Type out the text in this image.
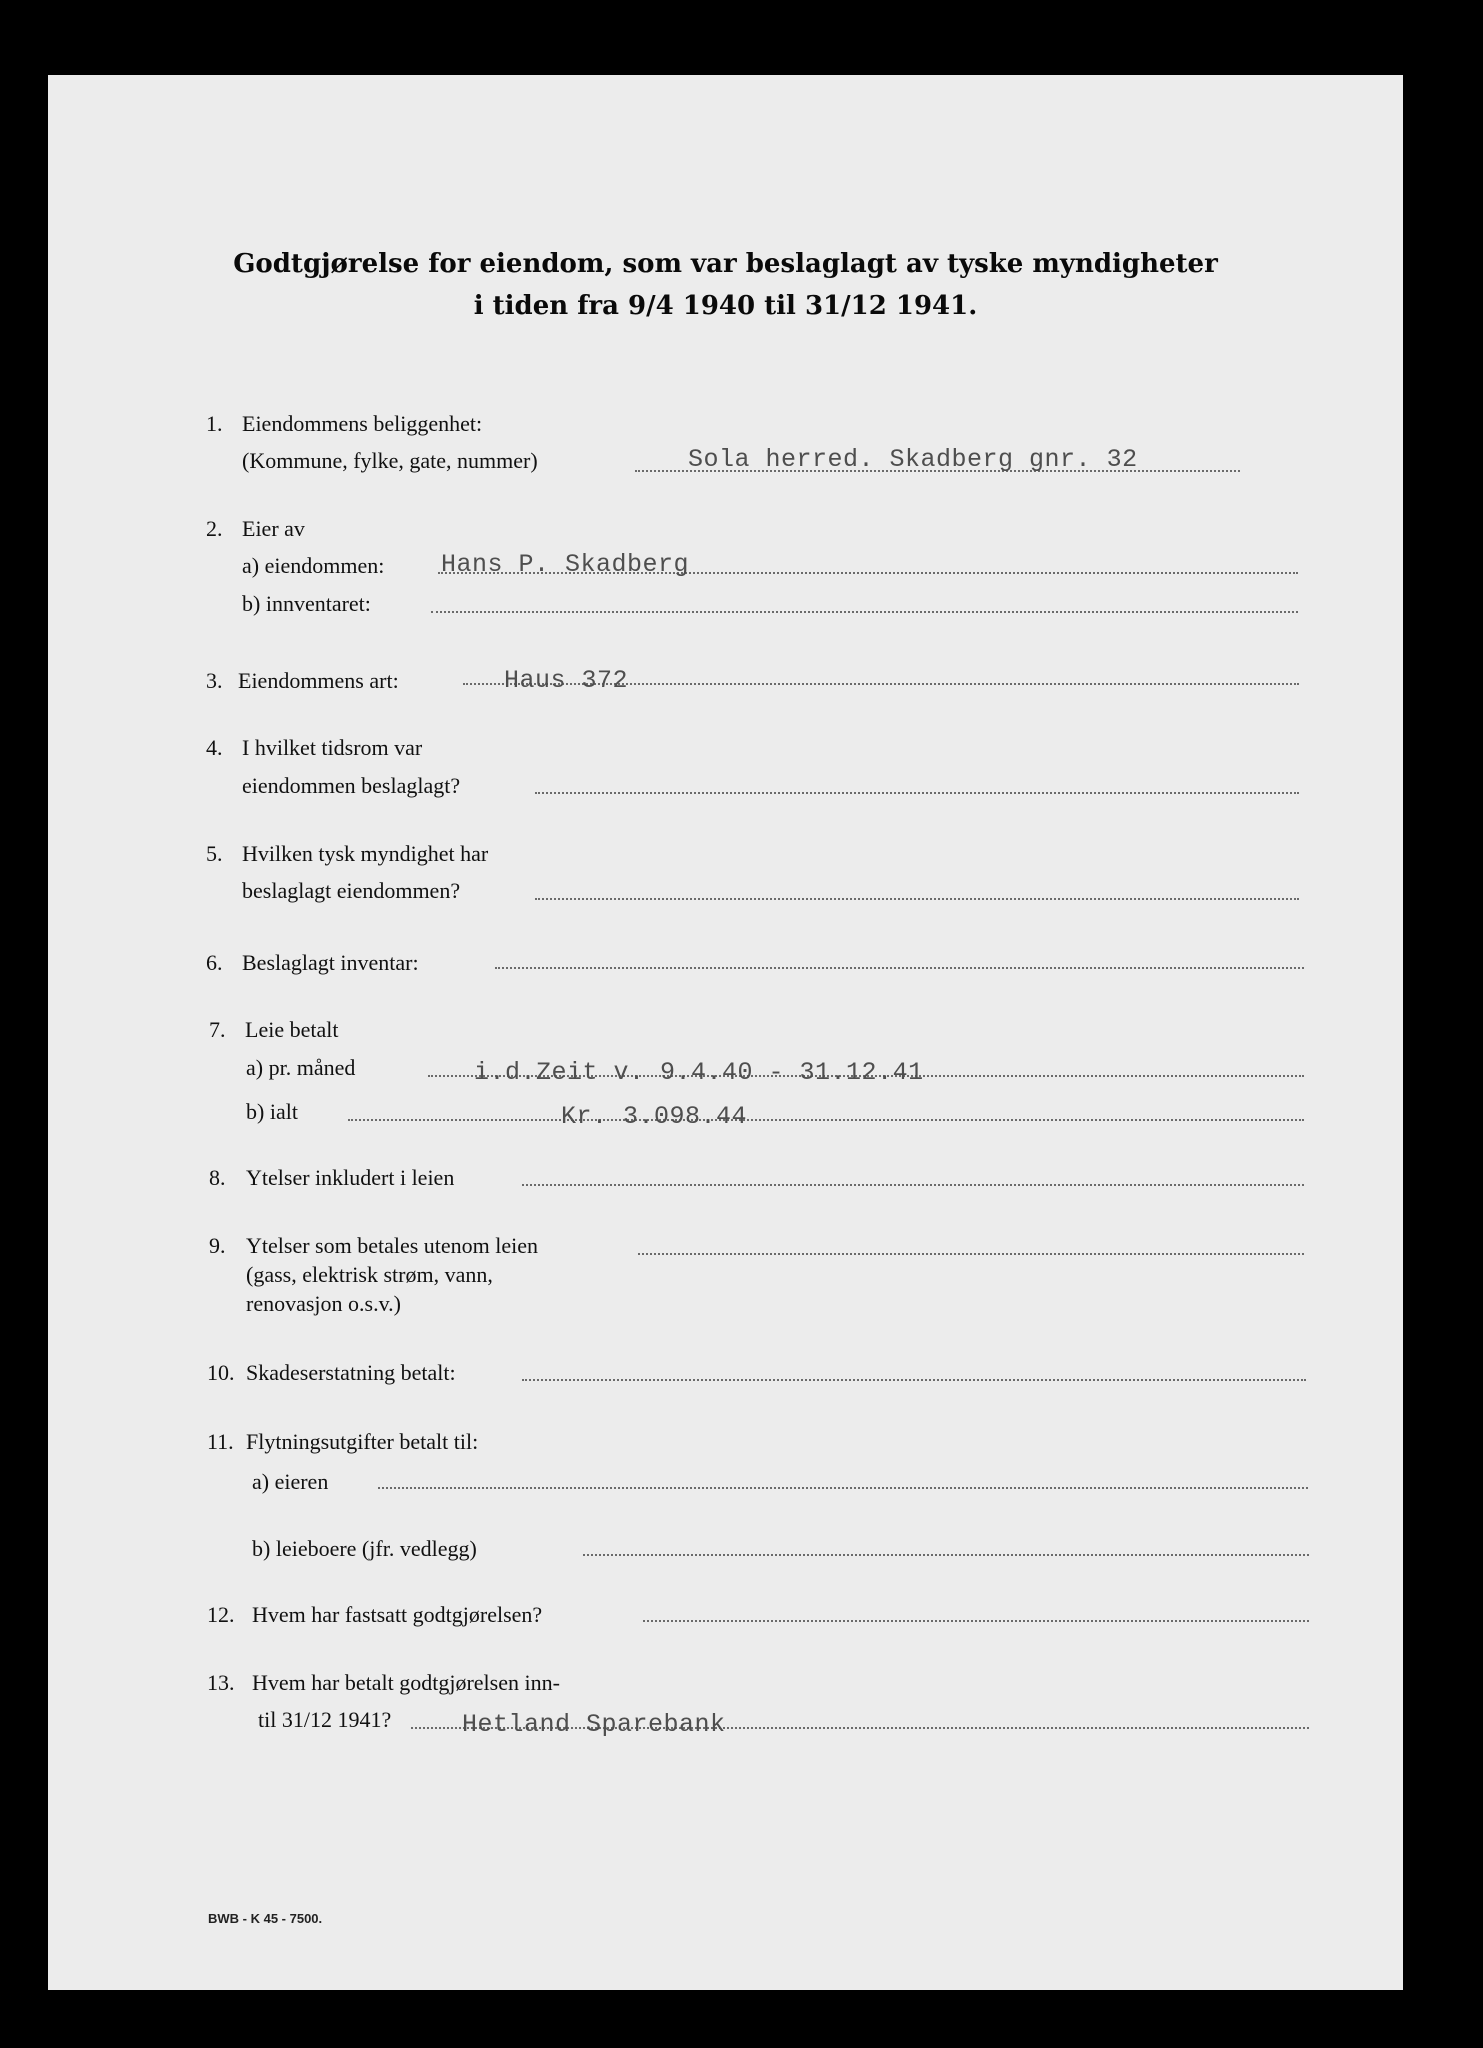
Godtgjørelse for eiendom, som var beslaglagt av tyske myndigheter
i tiden fra 9/4 1940 til 31/12 1941.
1. Eiendommens beliggenhet:
(Kommune, fylke, gate, nummer)	Sola herred. Skadberg gnr. 32
2. Eier av
a) eiendommen: Hans P. Skadberg
b) innventaret:
3. Eiendommens art:	Haus 372
4. I hvilket tidsrom var
eiendommen beslaglagt?
5. Hvilken tysk myndighet har
beslaglagt eiendommen?
6. Beslaglagt inventar:
7. Leie betalt
a) pr. måned	i.d.Zeit v. 9.4.40 - 31.12.41
b) ialt	Kr. 3.098.44
8. Ytelser inkludert i leien
9. Ytelser som betales utenom leien
(gass, elektrisk strøm, vann,
renovasjon o.s.v.)
10. Skadeserstatning betalt:
11. Flytningsutgifter betalt til:
a) eieren
b) leieboere (jfr. vedlegg)
12. Hvem har fastsatt godtgjørelsen?
13. Hvem har betalt godtgjørelsen inn-
til 31/12 1941?	Hetland Sparebank
BWB - K 45 - 7500.
